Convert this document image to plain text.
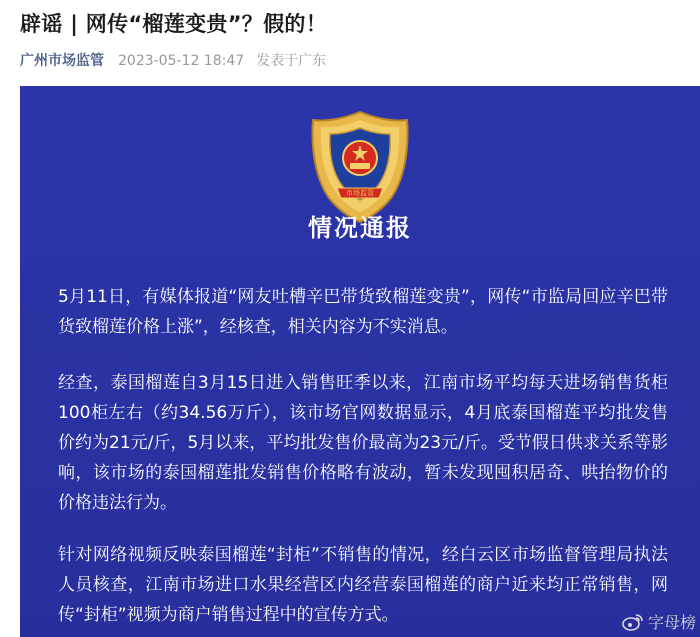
辟谣 | 网传“榴莲变贵”？假的！
广州市场监管 2023-05-12 18:47 发表于广东
市场监管
情况通报
5月11日，有媒体报道“网友吐槽辛巴带货致榴莲变贵”，网传“市监局回应辛巴带货致榴莲价格上涨”，经核查，相关内容为不实消息。
经查，泰国榴莲自3月15日进入销售旺季以来，江南市场平均每天进场销售货柜100柜左右（约34.56万斤），该市场官网数据显示，4月底泰国榴莲平均批发售价约为21元/斤，5月以来，平均批发售价最高为23元/斤。受节假日供求关系等影响，该市场的泰国榴莲批发销售价格略有波动，暂未发现囤积居奇、哄抬物价的价格违法行为。
针对网络视频反映泰国榴莲“封柜”不销售的情况，经白云区市场监督管理局执法人员核查，江南市场进口水果经营区内经营泰国榴莲的商户近来均正常销售，网传“封柜”视频为商户销售过程中的宣传方式。	字母榜
